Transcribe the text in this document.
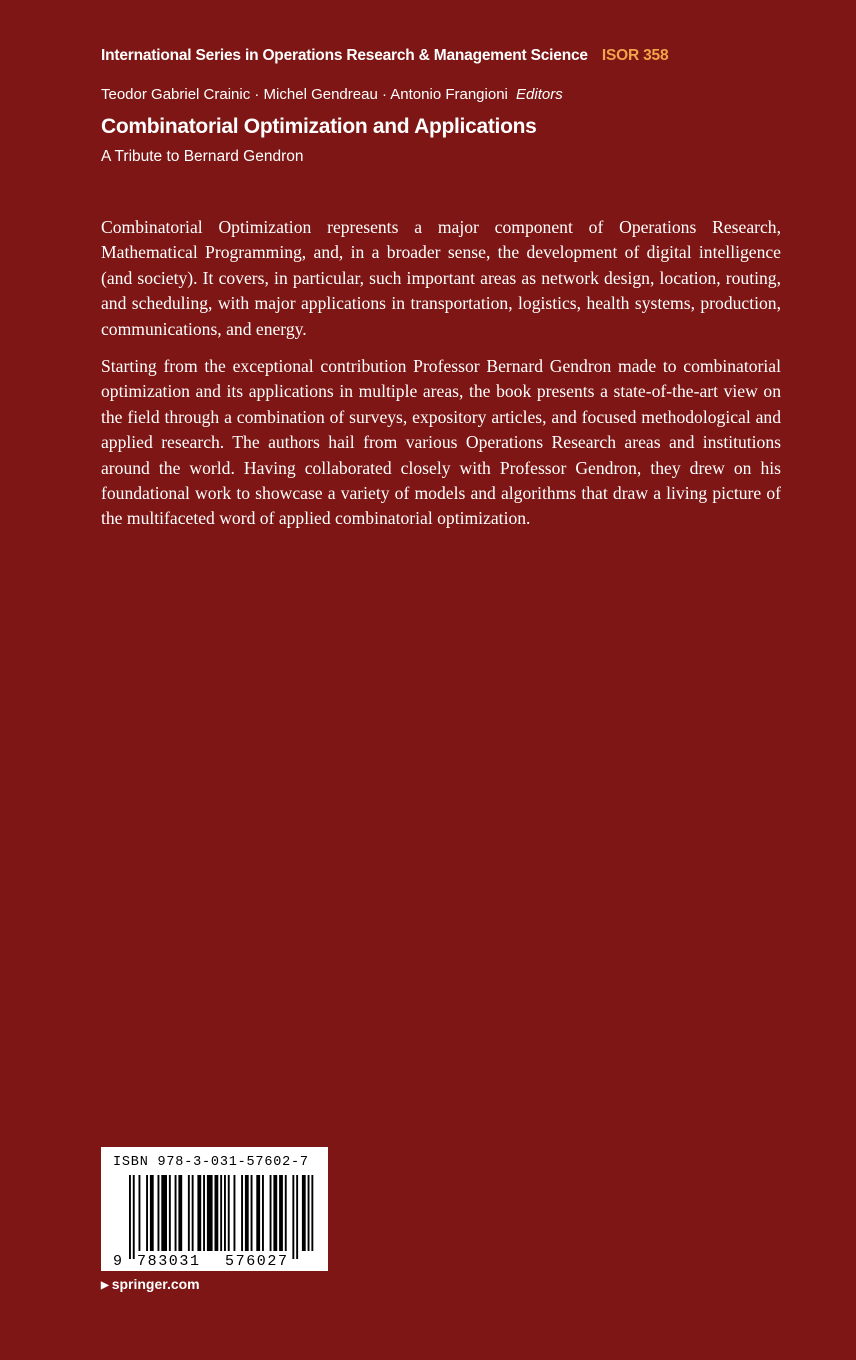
International Series in Operations Research & Management Science ISOR 358
Teodor Gabriel Crainic · Michel Gendreau · Antonio Frangioni Editors
Combinatorial Optimization and Applications
A Tribute to Bernard Gendron

Combinatorial Optimization represents a major component of Operations Research, Mathematical Programming, and, in a broader sense, the development of digital intelligence (and society). It covers, in particular, such important areas as network design, location, routing, and scheduling, with major applications in transportation, logistics, health systems, production, communications, and energy.

Starting from the exceptional contribution Professor Bernard Gendron made to combinatorial optimization and its applications in multiple areas, the book presents a state-of-the-art view on the field through a combination of surveys, expository articles, and focused methodological and applied research. The authors hail from various Operations Research areas and institutions around the world. Having collaborated closely with Professor Gendron, they drew on his foundational work to showcase a variety of models and algorithms that draw a living picture of the multifaceted word of applied combinatorial optimization.

ISBN 978-3-031-57602-7
9 783031 576027
▶ springer.com
